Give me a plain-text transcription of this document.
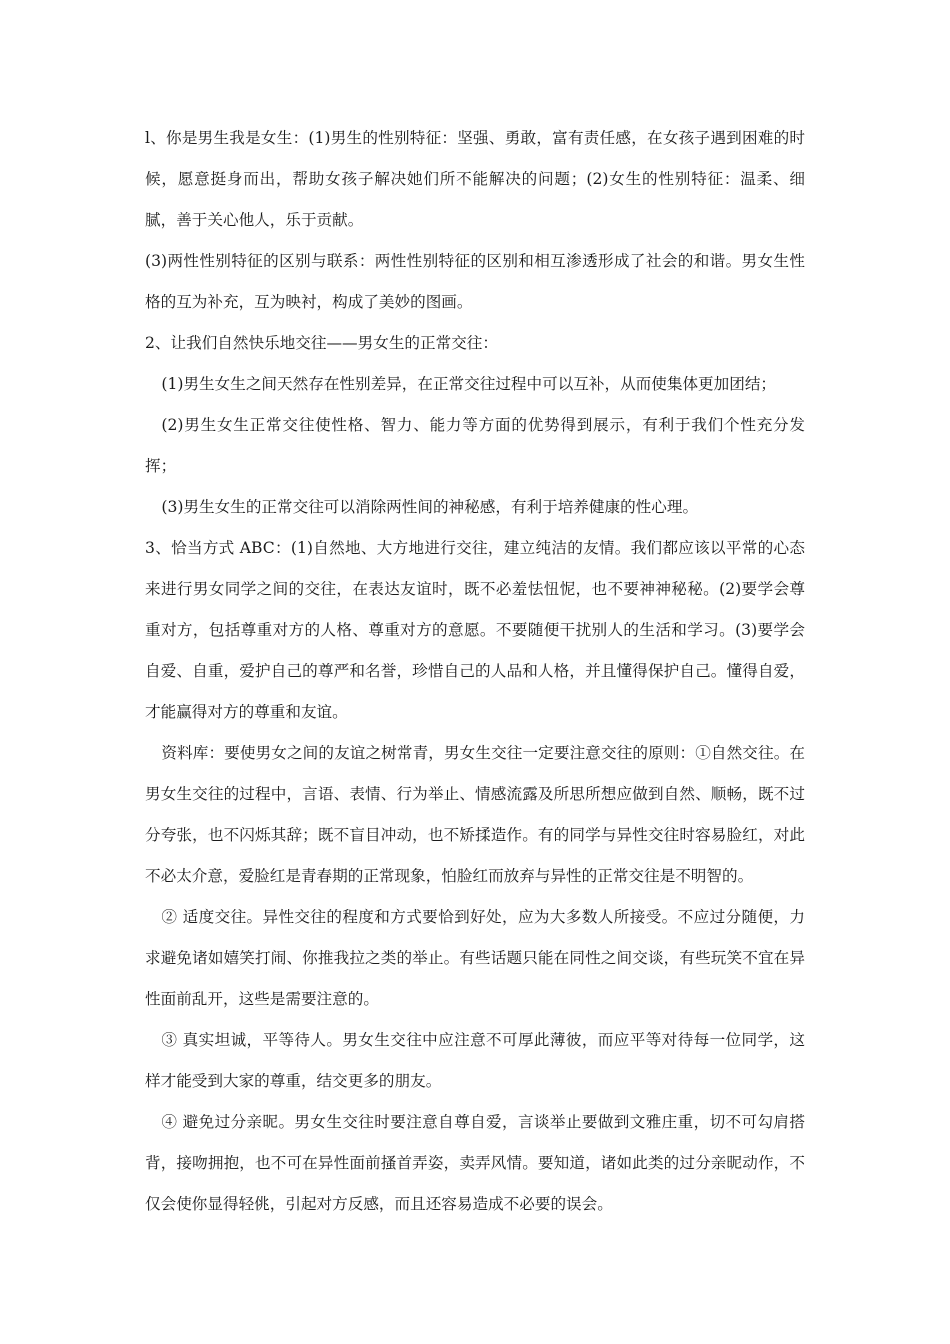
l、你是男生我是女生：(1)男生的性别特征：坚强、勇敢，富有责任感，在女孩子遇到困难的时候，愿意挺身而出，帮助女孩子解决她们所不能解决的问题；(2)女生的性别特征：温柔、细腻，善于关心他人，乐于贡献。

(3)两性性别特征的区别与联系：两性性别特征的区别和相互渗透形成了社会的和谐。男女生性格的互为补充，互为映衬，构成了美妙的图画。

2、让我们自然快乐地交往——男女生的正常交往：

(1)男生女生之间天然存在性别差异，在正常交往过程中可以互补，从而使集体更加团结；

(2)男生女生正常交往使性格、智力、能力等方面的优势得到展示，有利于我们个性充分发挥；

(3)男生女生的正常交往可以消除两性间的神秘感，有利于培养健康的性心理。

3、恰当方式 ABC：(1)自然地、大方地进行交往，建立纯洁的友情。我们都应该以平常的心态来进行男女同学之间的交往，在表达友谊时，既不必羞怯忸怩，也不要神神秘秘。(2)要学会尊重对方，包括尊重对方的人格、尊重对方的意愿。不要随便干扰别人的生活和学习。(3)要学会自爱、自重，爱护自己的尊严和名誉，珍惜自己的人品和人格，并且懂得保护自己。懂得自爱，才能赢得对方的尊重和友谊。

资料库：要使男女之间的友谊之树常青，男女生交往一定要注意交往的原则：①自然交往。在男女生交往的过程中，言语、表情、行为举止、情感流露及所思所想应做到自然、顺畅，既不过分夸张，也不闪烁其辞；既不盲目冲动，也不矫揉造作。有的同学与异性交往时容易脸红，对此不必太介意，爱脸红是青春期的正常现象，怕脸红而放弃与异性的正常交往是不明智的。

② 适度交往。异性交往的程度和方式要恰到好处，应为大多数人所接受。不应过分随便，力求避免诸如嬉笑打闹、你推我拉之类的举止。有些话题只能在同性之间交谈，有些玩笑不宜在异性面前乱开，这些是需要注意的。

③ 真实坦诚，平等待人。男女生交往中应注意不可厚此薄彼，而应平等对待每一位同学，这样才能受到大家的尊重，结交更多的朋友。

④ 避免过分亲昵。男女生交往时要注意自尊自爱，言谈举止要做到文雅庄重，切不可勾肩搭背，接吻拥抱，也不可在异性面前搔首弄姿，卖弄风情。要知道，诸如此类的过分亲昵动作，不仅会使你显得轻佻，引起对方反感，而且还容易造成不必要的误会。
